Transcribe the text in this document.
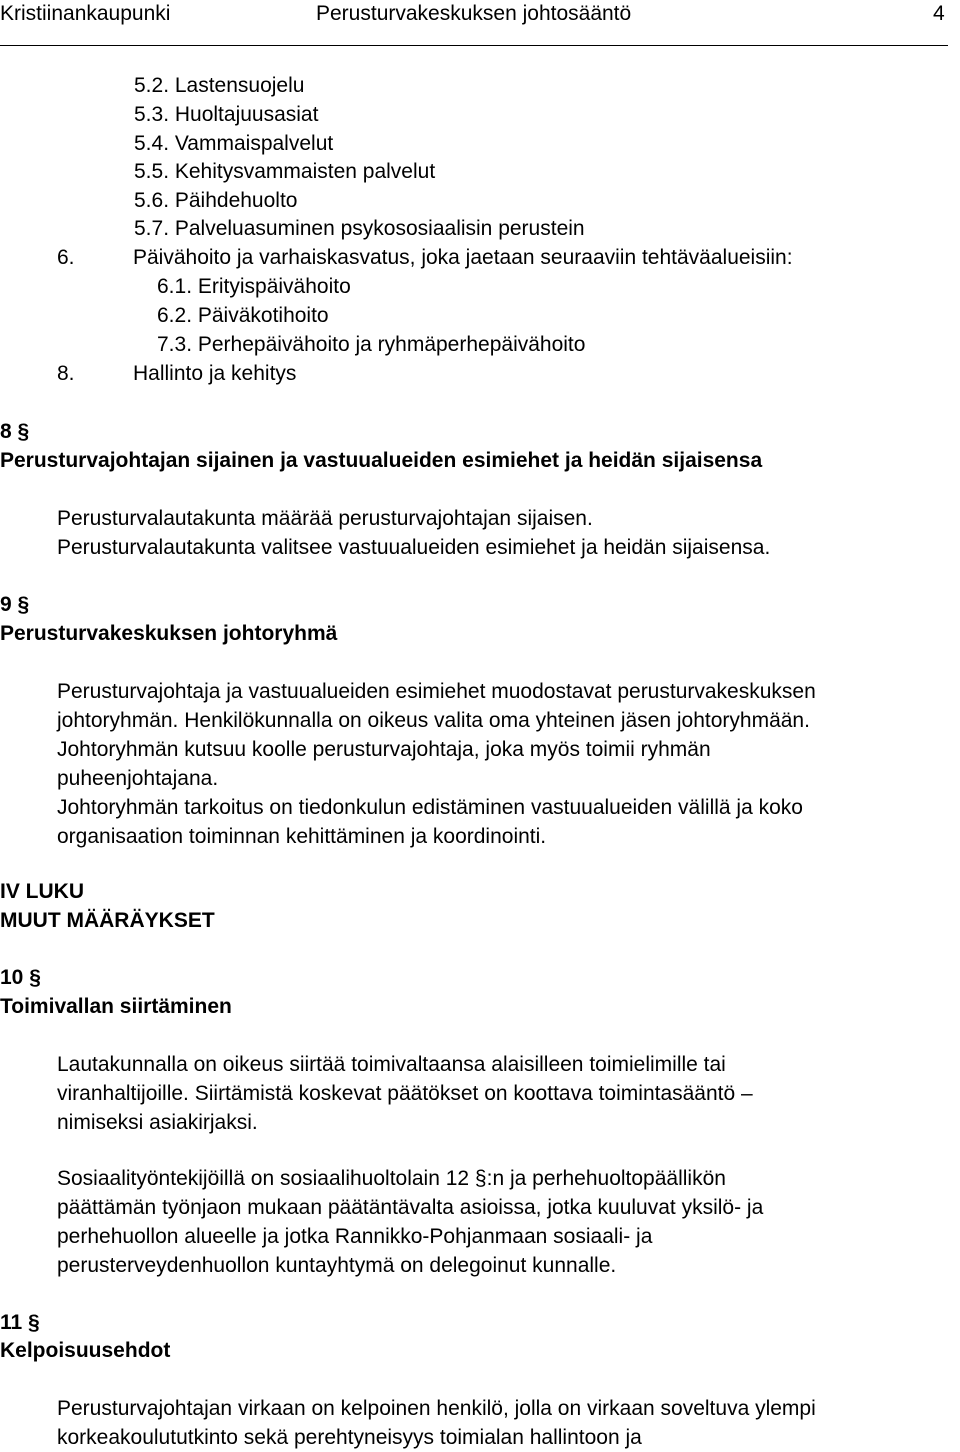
Kristiinankaupunki	Perusturvakeskuksen johtosääntö	4
5.2. Lastensuojelu
5.3. Huoltajuusasiat
5.4. Vammaispalvelut
5.5. Kehitysvammaisten palvelut
5.6. Päihdehuolto
5.7. Palveluasuminen psykososiaalisin perustein
6.	Päivähoito ja varhaiskasvatus, joka jaetaan seuraaviin tehtäväalueisiin:
6.1. Erityispäivähoito
6.2. Päiväkotihoito
7.3. Perhepäivähoito ja ryhmäperhepäivähoito
8.	Hallinto ja kehitys
8 §
Perusturvajohtajan sijainen ja vastuualueiden esimiehet ja heidän sijaisensa
Perusturvalautakunta määrää perusturvajohtajan sijaisen.
Perusturvalautakunta valitsee vastuualueiden esimiehet ja heidän sijaisensa.
9 §
Perusturvakeskuksen johtoryhmä
Perusturvajohtaja ja vastuualueiden esimiehet muodostavat perusturvakeskuksen
johtoryhmän. Henkilökunnalla on oikeus valita oma yhteinen jäsen johtoryhmään.
Johtoryhmän kutsuu koolle perusturvajohtaja, joka myös toimii ryhmän
puheenjohtajana.
Johtoryhmän tarkoitus on tiedonkulun edistäminen vastuualueiden välillä ja koko
organisaation toiminnan kehittäminen ja koordinointi.
IV LUKU
MUUT MÄÄRÄYKSET
10 §
Toimivallan siirtäminen
Lautakunnalla on oikeus siirtää toimivaltaansa alaisilleen toimielimille tai
viranhaltijoille. Siirtämistä koskevat päätökset on koottava toimintasääntö –
nimiseksi asiakirjaksi.
Sosiaalityöntekijöillä on sosiaalihuoltolain 12 §:n ja perhehuoltopäällikön
päättämän työnjaon mukaan päätäntävalta asioissa, jotka kuuluvat yksilö- ja
perhehuollon alueelle ja jotka Rannikko-Pohjanmaan sosiaali- ja
perusterveydenhuollon kuntayhtymä on delegoinut kunnalle.
11 §
Kelpoisuusehdot
Perusturvajohtajan virkaan on kelpoinen henkilö, jolla on virkaan soveltuva ylempi
korkeakoulututkinto sekä perehtyneisyys toimialan hallintoon ja
